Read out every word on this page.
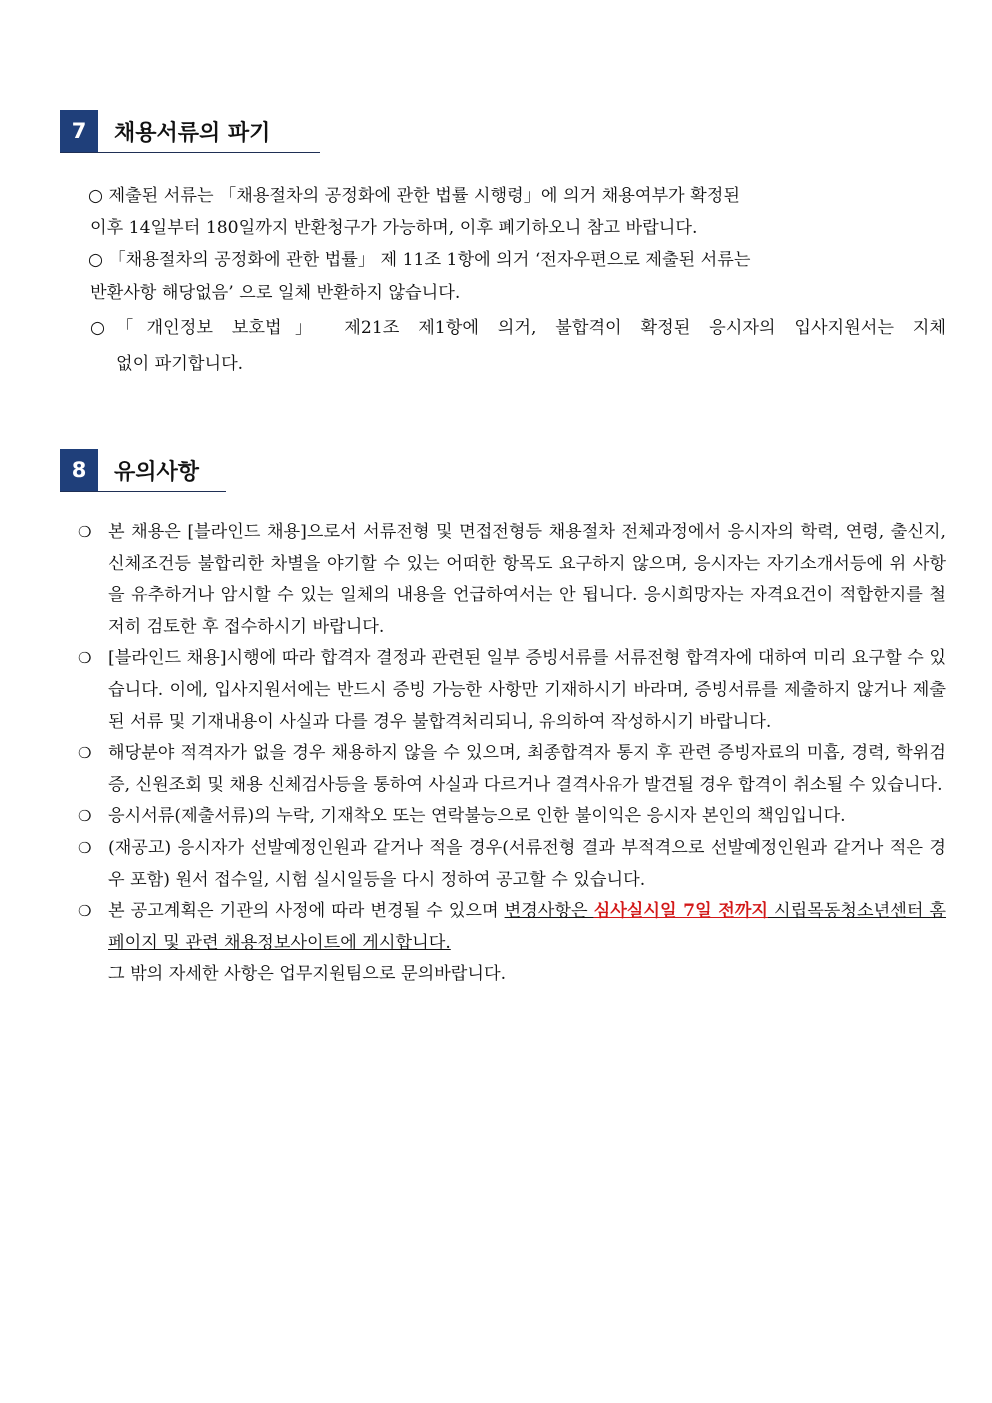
7	채용서류의 파기
○ 제출된 서류는 「채용절차의 공정화에 관한 법률 시행령」에 의거 채용여부가 확정된
이후 14일부터 180일까지 반환청구가 가능하며, 이후 폐기하오니 참고 바랍니다.
○ 「채용절차의 공정화에 관한 법률」 제 11조 1항에 의거 ‘전자우편으로 제출된 서류는
반환사항 해당없음’ 으로 일체 반환하지 않습니다.
○ 「개인정보 보호법」 제21조 제1항에 의거, 불합격이 확정된 응시자의 입사지원서는 지체
없이 파기합니다.
8	유의사항
❍ 본 채용은 [블라인드 채용]으로서 서류전형 및 면접전형등 채용절차 전체과정에서 응시자의 학력, 연령, 출신지, 신체조건등 불합리한 차별을 야기할 수 있는 어떠한 항목도 요구하지 않으며, 응시자는 자기소개서등에 위 사항을 유추하거나 암시할 수 있는 일체의 내용을 언급하여서는 안 됩니다. 응시희망자는 자격요건이 적합한지를 철저히 검토한 후 접수하시기 바랍니다.
❍ [블라인드 채용]시행에 따라 합격자 결정과 관련된 일부 증빙서류를 서류전형 합격자에 대하여 미리 요구할 수 있습니다. 이에, 입사지원서에는 반드시 증빙 가능한 사항만 기재하시기 바라며, 증빙서류를 제출하지 않거나 제출된 서류 및 기재내용이 사실과 다를 경우 불합격처리되니, 유의하여 작성하시기 바랍니다.
❍ 해당분야 적격자가 없을 경우 채용하지 않을 수 있으며, 최종합격자 통지 후 관련 증빙자료의 미흡, 경력, 학위검증, 신원조회 및 채용 신체검사등을 통하여 사실과 다르거나 결격사유가 발견될 경우 합격이 취소될 수 있습니다.
❍ 응시서류(제출서류)의 누락, 기재착오 또는 연락불능으로 인한 불이익은 응시자 본인의 책임입니다.
❍ (재공고) 응시자가 선발예정인원과 같거나 적을 경우(서류전형 결과 부적격으로 선발예정인원과 같거나 적은 경우 포함) 원서 접수일, 시험 실시일등을 다시 정하여 공고할 수 있습니다.
❍ 본 공고계획은 기관의 사정에 따라 변경될 수 있으며 변경사항은 심사실시일 7일 전까지 시립목동청소년센터 홈페이지 및 관련 채용정보사이트에 게시합니다.
그 밖의 자세한 사항은 업무지원팀으로 문의바랍니다.
